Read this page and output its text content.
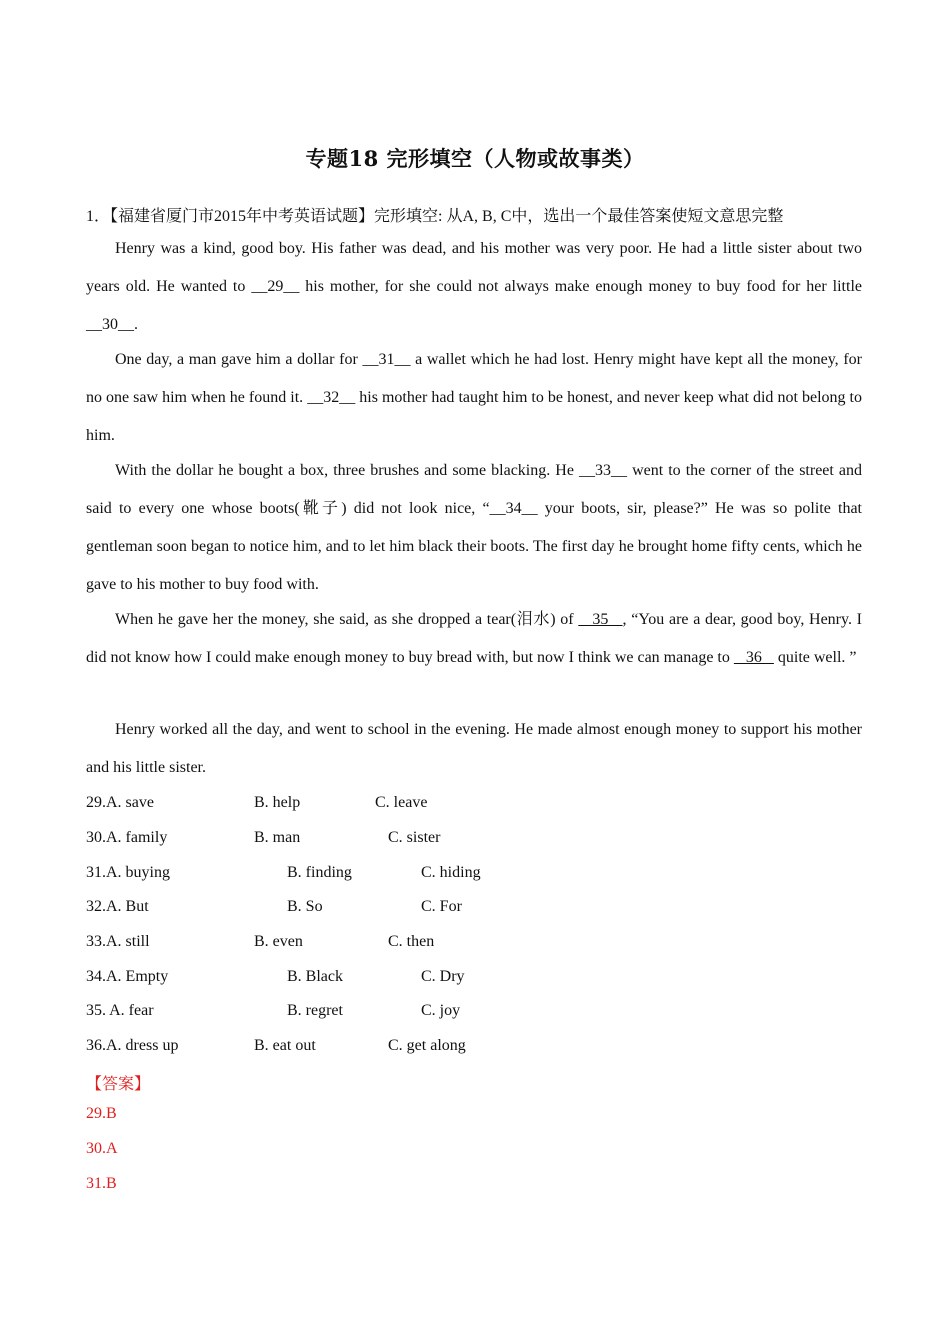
专题18 完形填空（人物或故事类）
1．【福建省厦门市2015年中考英语试题】完形填空: 从A, B, C中，选出一个最佳答案使短文意思完整

Henry was a kind, good boy. His father was dead, and his mother was very poor. He had a little sister about two years old. He wanted to __29__ his mother, for she could not always make enough money to buy food for her little __30__.

One day, a man gave him a dollar for __31__ a wallet which he had lost. Henry might have kept all the money, for no one saw him when he found it. __32__ his mother had taught him to be honest, and never keep what did not belong to him.

With the dollar he bought a box, three brushes and some blacking. He __33__ went to the corner of the street and said to every one whose boots(靴子) did not look nice, “__34__ your boots, sir, please?” He was so polite that gentleman soon began to notice him, and to let him black their boots. The first day he brought home fifty cents, which he gave to his mother to buy food with.

When he gave her the money, she said, as she dropped a tear(泪水) of    35   , “You are a dear, good boy, Henry. I did not know how I could make enough money to buy bread with, but now I think we can manage to    36    quite well. ”

Henry worked all the day, and went to school in the evening. He made almost enough money to support his mother and his little sister.

29.A. save	B. help	C. leave
30.A. family	B. man	C. sister
31.A. buying	B. finding	C. hiding
32.A. But	B. So	C. For
33.A. still	B. even	C. then
34.A. Empty	B. Black	C. Dry
35. A. fear	B. regret	C. joy
36.A. dress up	B. eat out	C. get along
【答案】
29.B
30.A
31.B
